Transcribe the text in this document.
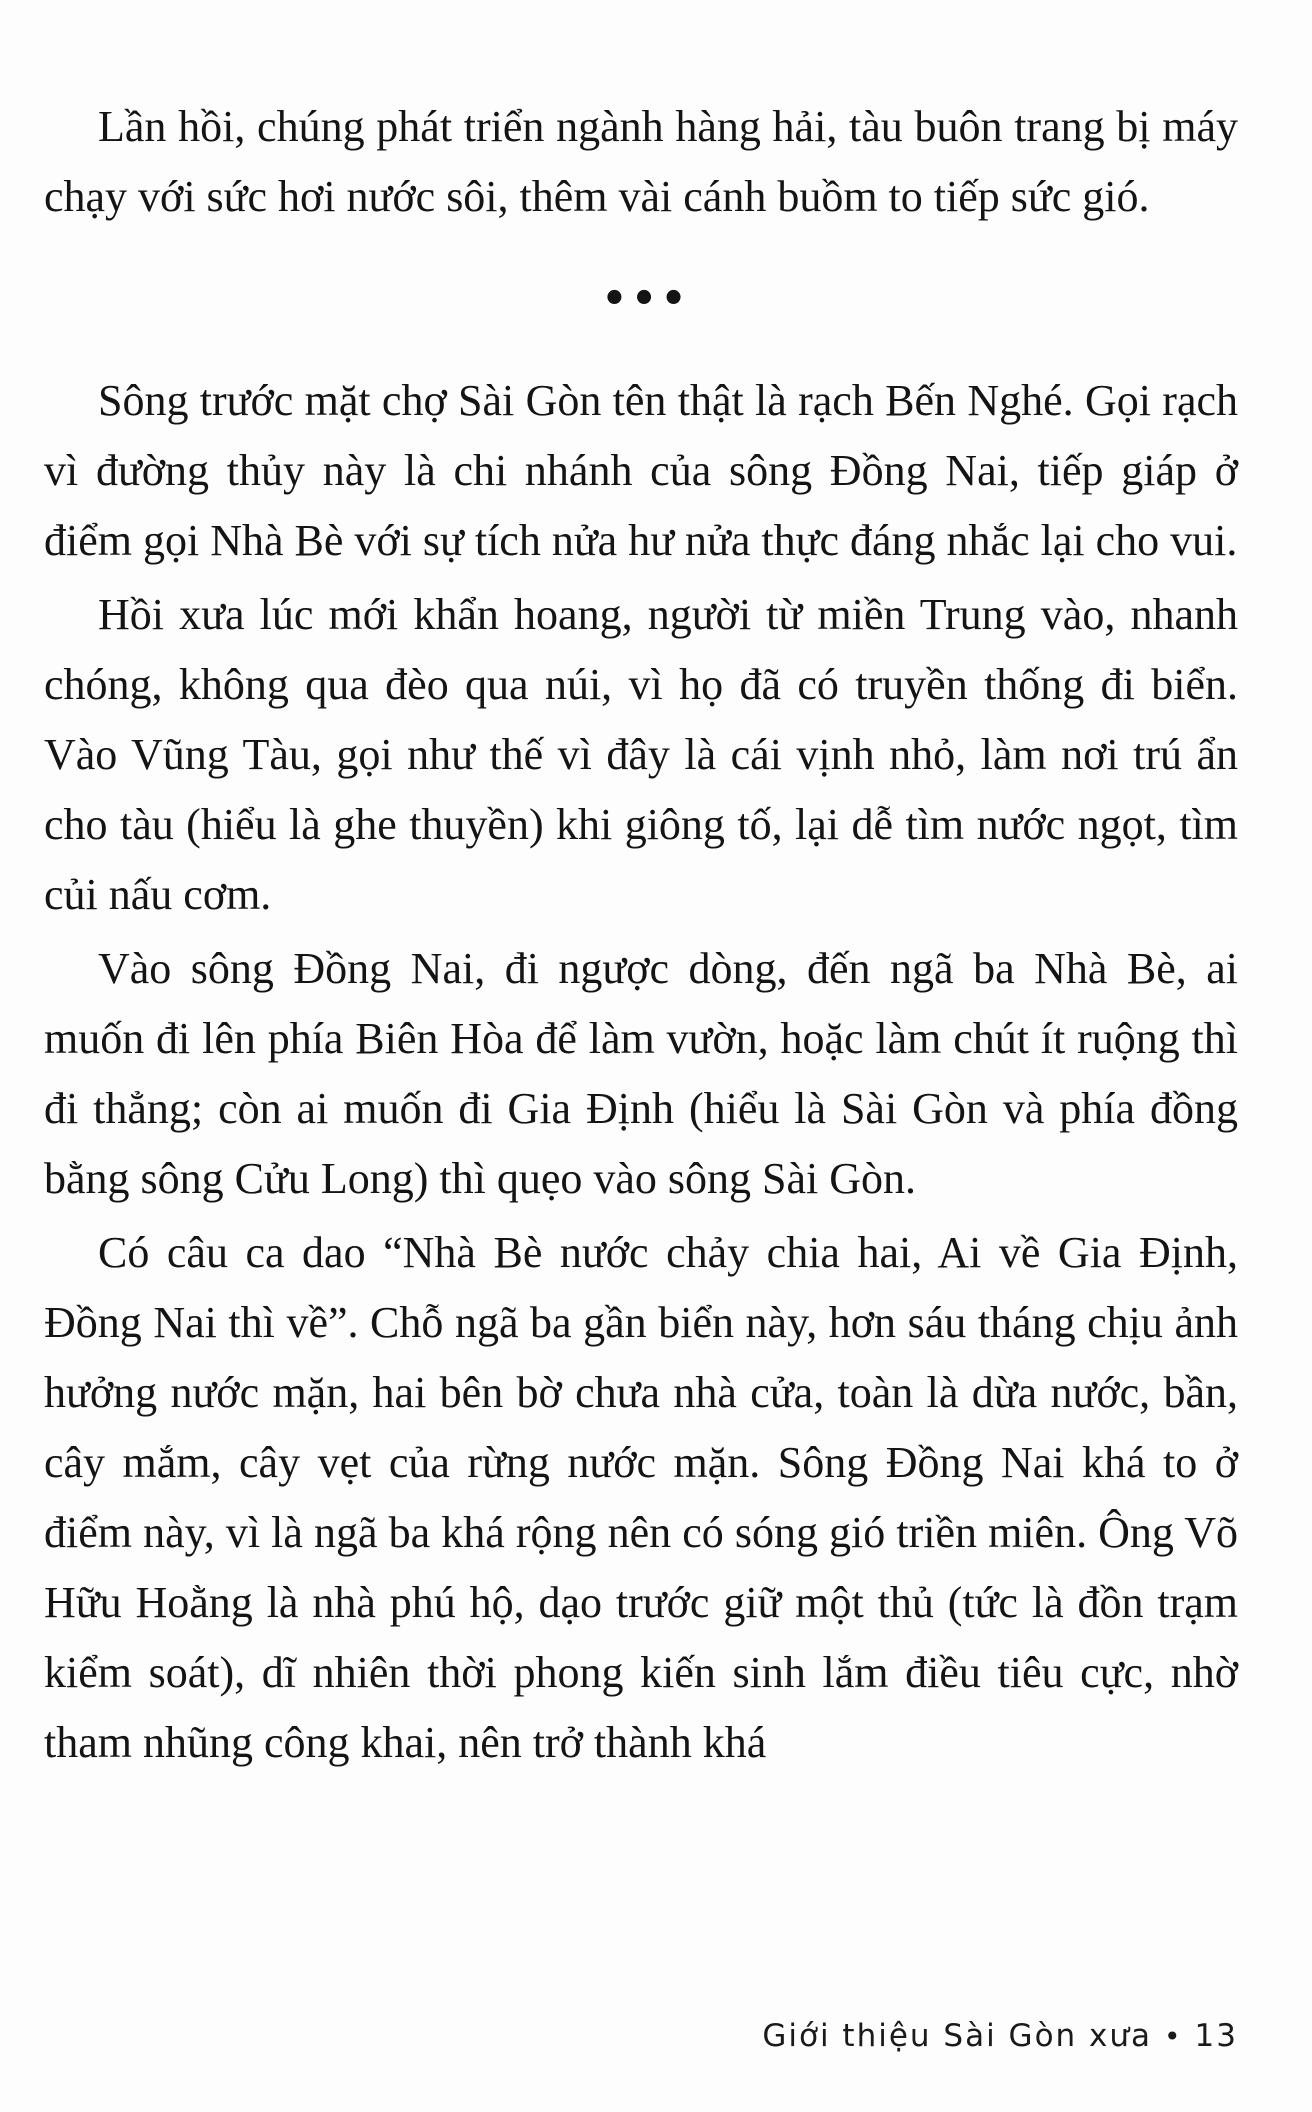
Lần hồi, chúng phát triển ngành hàng hải, tàu buôn trang bị máy chạy với sức hơi nước sôi, thêm vài cánh buồm to tiếp sức gió.

•••

Sông trước mặt chợ Sài Gòn tên thật là rạch Bến Nghé. Gọi rạch vì đường thủy này là chi nhánh của sông Đồng Nai, tiếp giáp ở điểm gọi Nhà Bè với sự tích nửa hư nửa thực đáng nhắc lại cho vui.

Hồi xưa lúc mới khẩn hoang, người từ miền Trung vào, nhanh chóng, không qua đèo qua núi, vì họ đã có truyền thống đi biển. Vào Vũng Tàu, gọi như thế vì đây là cái vịnh nhỏ, làm nơi trú ẩn cho tàu (hiểu là ghe thuyền) khi giông tố, lại dễ tìm nước ngọt, tìm củi nấu cơm.

Vào sông Đồng Nai, đi ngược dòng, đến ngã ba Nhà Bè, ai muốn đi lên phía Biên Hòa để làm vườn, hoặc làm chút ít ruộng thì đi thẳng; còn ai muốn đi Gia Định (hiểu là Sài Gòn và phía đồng bằng sông Cửu Long) thì quẹo vào sông Sài Gòn.

Có câu ca dao “Nhà Bè nước chảy chia hai, Ai về Gia Định, Đồng Nai thì về”. Chỗ ngã ba gần biển này, hơn sáu tháng chịu ảnh hưởng nước mặn, hai bên bờ chưa nhà cửa, toàn là dừa nước, bần, cây mắm, cây vẹt của rừng nước mặn. Sông Đồng Nai khá to ở điểm này, vì là ngã ba khá rộng nên có sóng gió triền miên. Ông Võ Hữu Hoằng là nhà phú hộ, dạo trước giữ một thủ (tức là đồn trạm kiểm soát), dĩ nhiên thời phong kiến sinh lắm điều tiêu cực, nhờ tham nhũng công khai, nên trở thành khá

Giới thiệu Sài Gòn xưa • 13
